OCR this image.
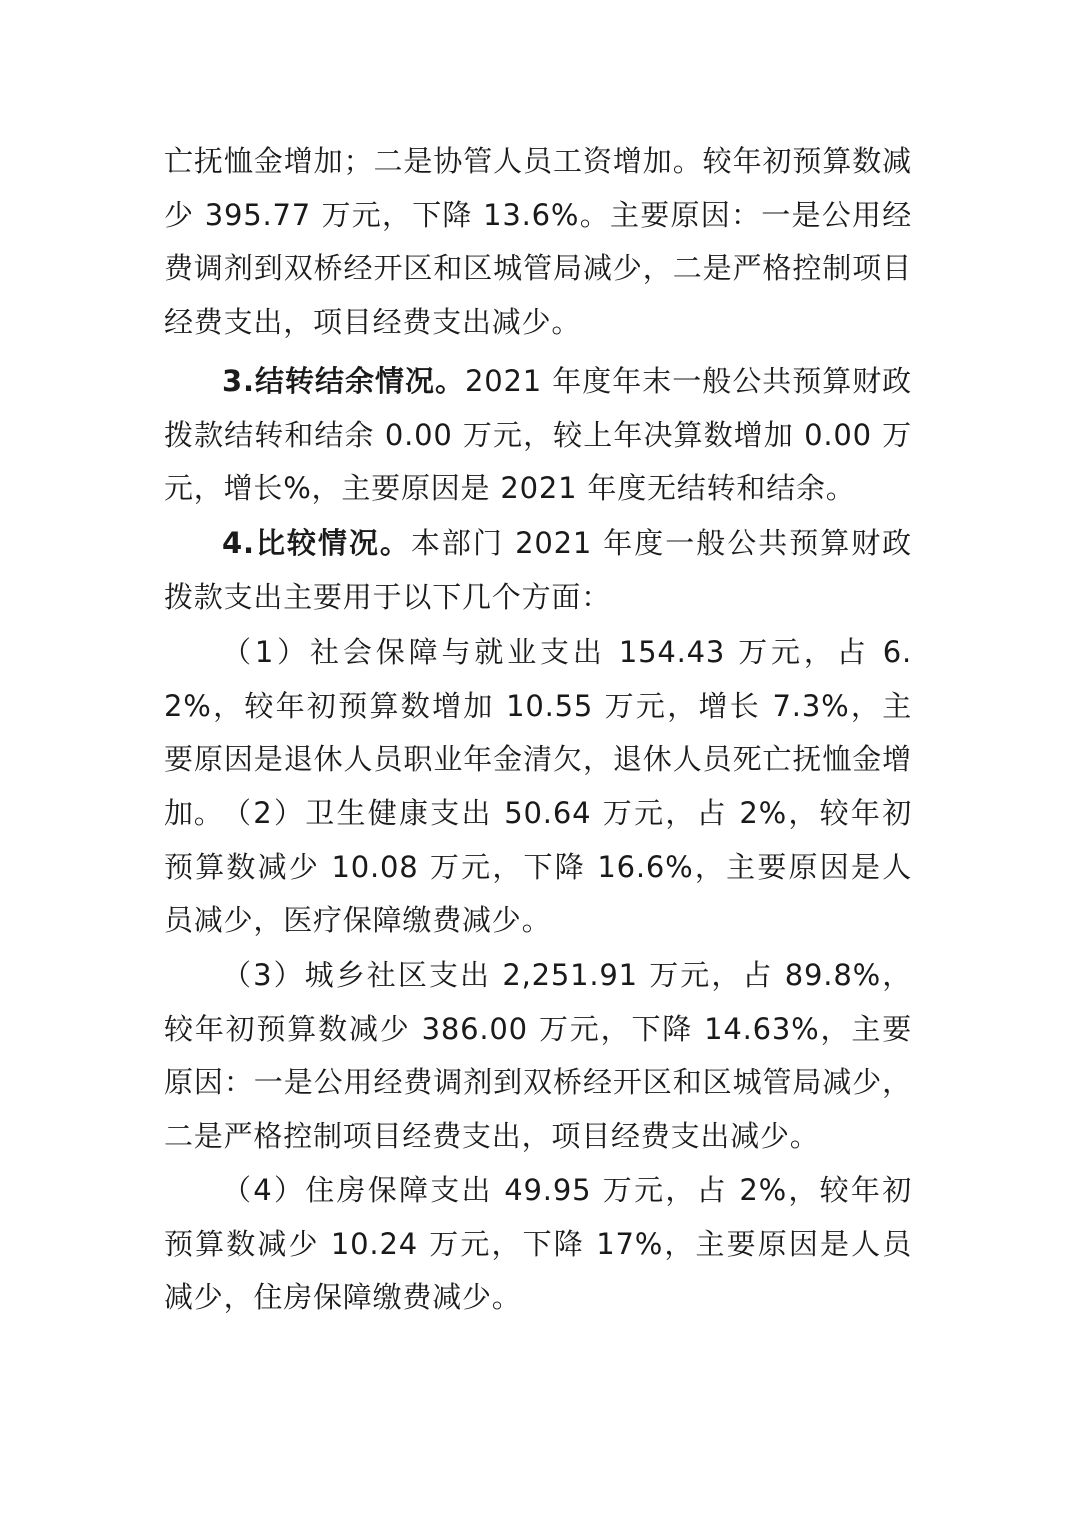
亡抚恤金增加；二是协管人员工资增加。较年初预算数减少 395.77 万元，下降 13.6%。主要原因：一是公用经费调剂到双桥经开区和区城管局减少，二是严格控制项目经费支出，项目经费支出减少。

3.结转结余情况。2021 年度年末一般公共预算财政拨款结转和结余 0.00 万元，较上年决算数增加 0.00 万元，增长%，主要原因是 2021 年度无结转和结余。

4.比较情况。本部门 2021 年度一般公共预算财政拨款支出主要用于以下几个方面：

（1）社会保障与就业支出 154.43 万元，占 6.2%，较年初预算数增加 10.55 万元，增长 7.3%，主要原因是退休人员职业年金清欠，退休人员死亡抚恤金增加。

（2）卫生健康支出 50.64 万元，占 2%，较年初预算数减少 10.08 万元，下降 16.6%，主要原因是人员减少，医疗保障缴费减少。

（3）城乡社区支出 2,251.91 万元，占 89.8%，较年初预算数减少 386.00 万元，下降 14.63%，主要原因：一是公用经费调剂到双桥经开区和区城管局减少，二是严格控制项目经费支出，项目经费支出减少。

（4）住房保障支出 49.95 万元，占 2%，较年初预算数减少 10.24 万元，下降 17%，主要原因是人员减少，住房保障缴费减少。
